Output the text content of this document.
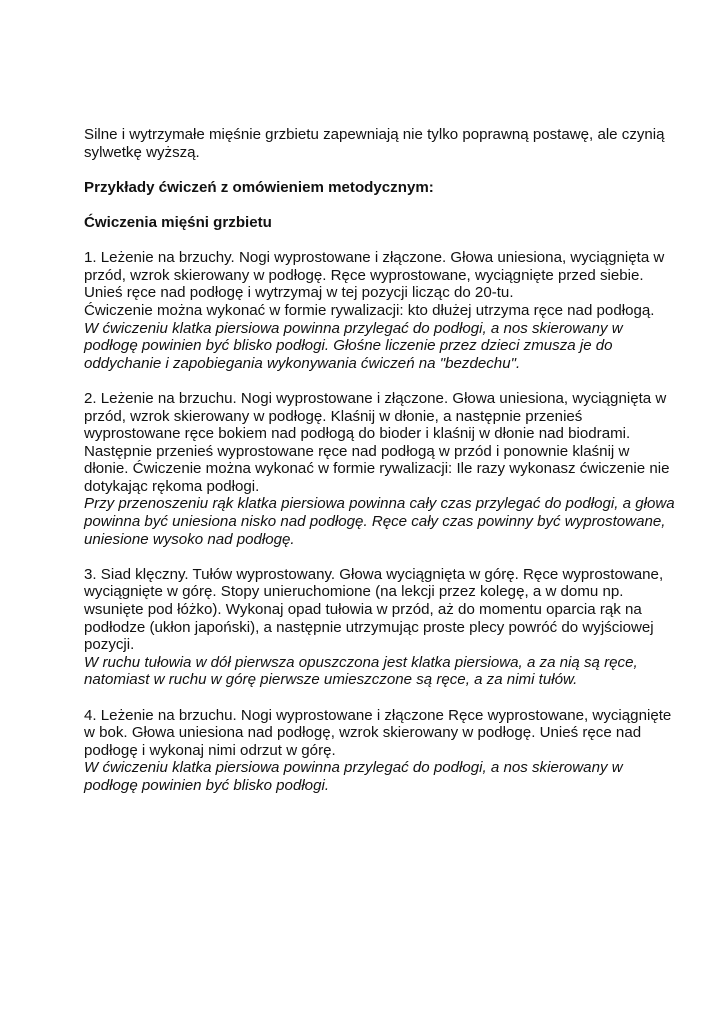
Silne i wytrzymałe mięśnie grzbietu zapewniają nie tylko poprawną postawę, ale czynią

sylwetkę wyższą.

Przykłady ćwiczeń z omówieniem metodycznym:

Ćwiczenia mięśni grzbietu

1. Leżenie na brzuchy. Nogi wyprostowane i złączone. Głowa uniesiona, wyciągnięta w

przód, wzrok skierowany w podłogę. Ręce wyprostowane, wyciągnięte przed siebie.

Unieś ręce nad podłogę i wytrzymaj w tej pozycji licząc do 20-tu.

Ćwiczenie można wykonać w formie rywalizacji: kto dłużej utrzyma ręce nad podłogą.

W ćwiczeniu klatka piersiowa powinna przylegać do podłogi, a nos skierowany w

podłogę powinien być blisko podłogi. Głośne liczenie przez dzieci zmusza je do

oddychanie i zapobiegania wykonywania ćwiczeń na "bezdechu".

2. Leżenie na brzuchu. Nogi wyprostowane i złączone. Głowa uniesiona, wyciągnięta w

przód, wzrok skierowany w podłogę. Klaśnij w dłonie, a następnie przenieś

wyprostowane ręce bokiem nad podłogą do bioder i klaśnij w dłonie nad biodrami.

Następnie przenieś wyprostowane ręce nad podłogą w przód i ponownie klaśnij w

dłonie. Ćwiczenie można wykonać w formie rywalizacji: Ile razy wykonasz ćwiczenie nie

dotykając rękoma podłogi.

Przy przenoszeniu rąk klatka piersiowa powinna cały czas przylegać do podłogi, a głowa

powinna być uniesiona nisko nad podłogę. Ręce cały czas powinny być wyprostowane,

uniesione wysoko nad podłogę.

3. Siad klęczny. Tułów wyprostowany. Głowa wyciągnięta w górę. Ręce wyprostowane,

wyciągnięte w górę. Stopy unieruchomione (na lekcji przez kolegę, a w domu np.

wsunięte pod łóżko). Wykonaj opad tułowia w przód, aż do momentu oparcia rąk na

podłodze (ukłon japoński), a następnie utrzymując proste plecy powróć do wyjściowej

pozycji.

W ruchu tułowia w dół pierwsza opuszczona jest klatka piersiowa, a za nią są ręce,

natomiast w ruchu w górę pierwsze umieszczone są ręce, a za nimi tułów.

4. Leżenie na brzuchu. Nogi wyprostowane i złączone Ręce wyprostowane, wyciągnięte

w bok. Głowa uniesiona nad podłogę, wzrok skierowany w podłogę. Unieś ręce nad

podłogę i wykonaj nimi odrzut w górę.

W ćwiczeniu klatka piersiowa powinna przylegać do podłogi, a nos skierowany w

podłogę powinien być blisko podłogi.
